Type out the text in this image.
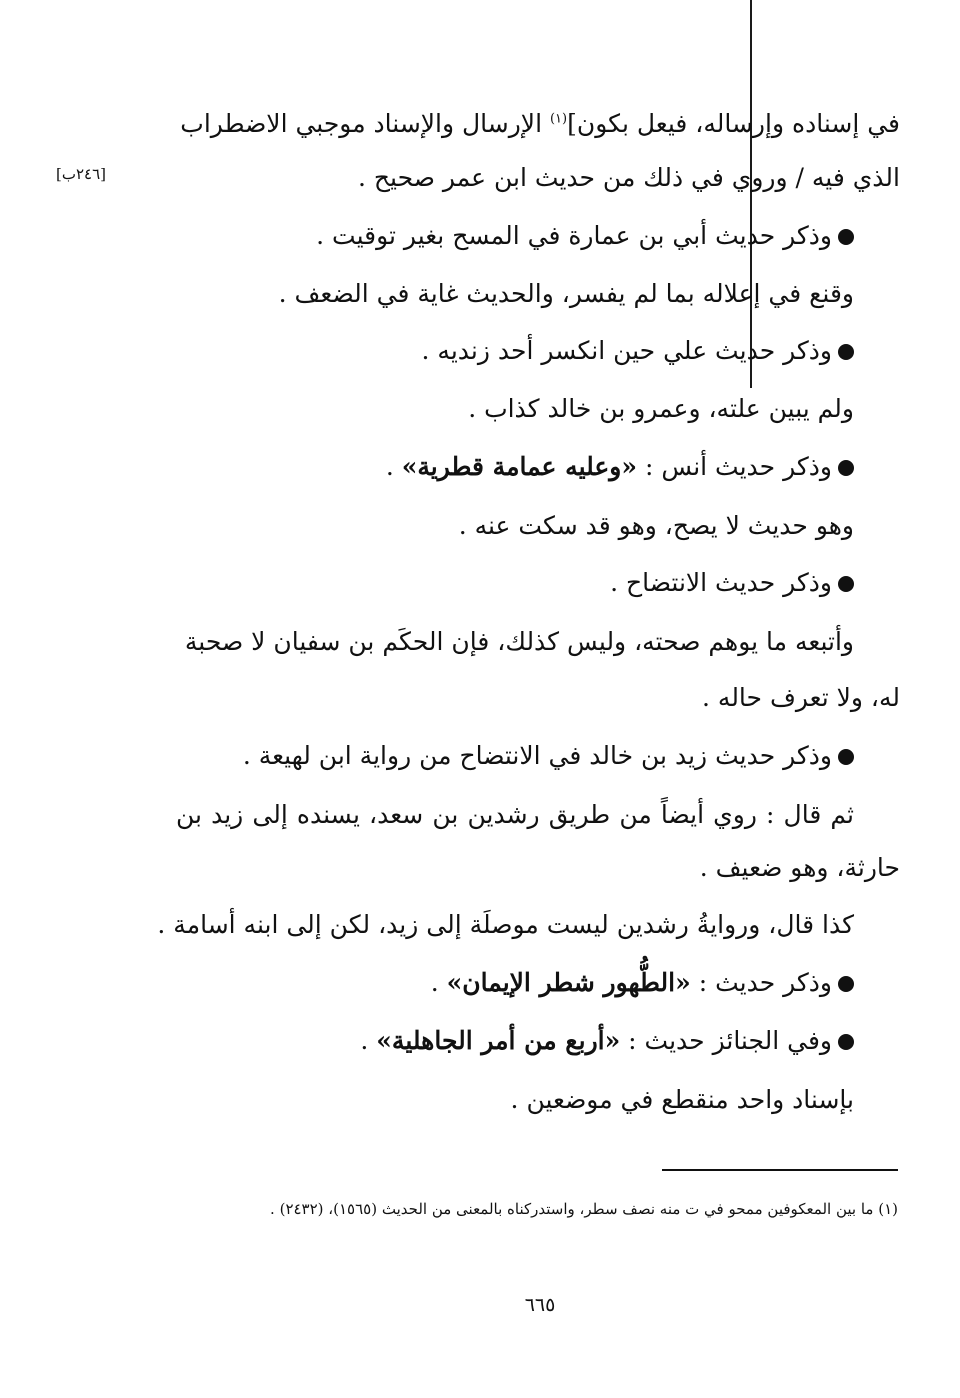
[٢٤٦ب]
في إسناده وإرساله، فيعل بكون]$^{(١)}$ الإرسال والإسناد موجبي الاضطراب
الذي فيه / وروي في ذلك من حديث ابن عمر صحيح .
وذكر حديث أبي بن عمارة في المسح بغير توقيت .
وقنع في إعلاله بما لم يفسر، والحديث غاية في الضعف .
وذكر حديث علي حين انكسر أحد زنديه .
ولم يبين علته، وعمرو بن خالد كذاب .
وذكر حديث أنس : «وعليه عمامة قطرية» .
وهو حديث لا يصح، وهو قد سكت عنه .
وذكر حديث الانتضاح .
وأتبعه ما يوهم صحته، وليس كذلك، فإن الحكَم بن سفيان لا صحبة
له، ولا تعرف حاله .
وذكر حديث زيد بن خالد في الانتضاح من رواية ابن لهيعة .
ثم قال : روي أيضاً من طريق رشدين بن سعد، يسنده إلى زيد بن
حارثة، وهو ضعيف .
كذا قال، وروايةُ رشدين ليست موصلَة إلى زيد، لكن إلى ابنه أسامة .
وذكر حديث : «الطُّهور شطر الإيمان» .
وفي الجنائز حديث : «أربع من أمر الجاهلية» .
بإسناد واحد منقطع في موضعين .
(١) ما بين المعكوفين ممحو في ت منه نصف سطر، واستدركناه بالمعنى من الحديث (١٥٦٥)، (٢٤٣٢) .
٦٦٥
